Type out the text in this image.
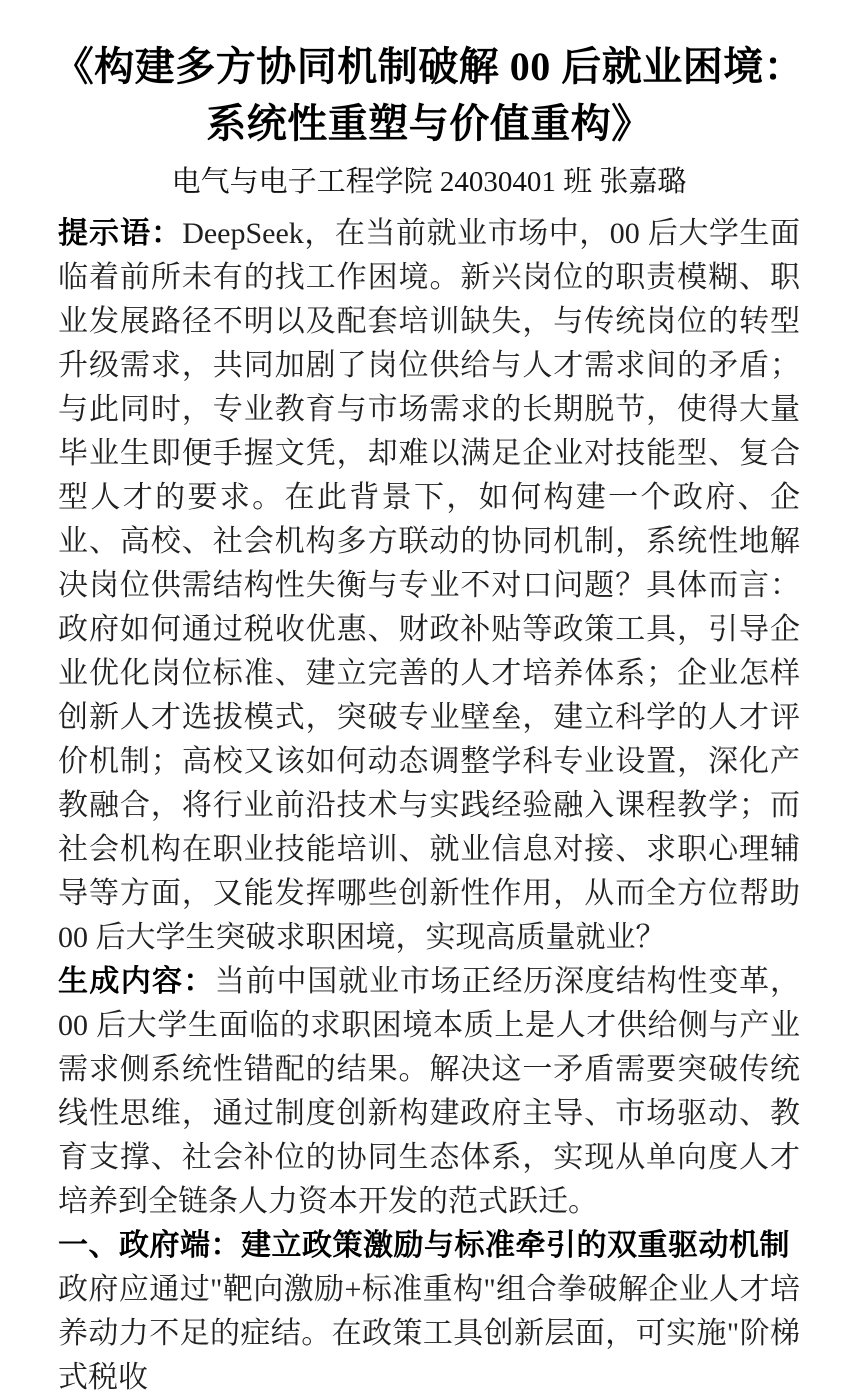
《构建多方协同机制破解 00 后就业困境：系统性重塑与价值重构》
电气与电子工程学院 24030401 班 张嘉璐

提示语：DeepSeek，在当前就业市场中，00 后大学生面临着前所未有的找工作困境。新兴岗位的职责模糊、职业发展路径不明以及配套培训缺失，与传统岗位的转型升级需求，共同加剧了岗位供给与人才需求间的矛盾；与此同时，专业教育与市场需求的长期脱节，使得大量毕业生即便手握文凭，却难以满足企业对技能型、复合型人才的要求。在此背景下，如何构建一个政府、企业、高校、社会机构多方联动的协同机制，系统性地解决岗位供需结构性失衡与专业不对口问题？具体而言：政府如何通过税收优惠、财政补贴等政策工具，引导企业优化岗位标准、建立完善的人才培养体系；企业怎样创新人才选拔模式，突破专业壁垒，建立科学的人才评价机制；高校又该如何动态调整学科专业设置，深化产教融合，将行业前沿技术与实践经验融入课程教学；而社会机构在职业技能培训、就业信息对接、求职心理辅导等方面，又能发挥哪些创新性作用，从而全方位帮助 00 后大学生突破求职困境，实现高质量就业？

生成内容：当前中国就业市场正经历深度结构性变革，00 后大学生面临的求职困境本质上是人才供给侧与产业需求侧系统性错配的结果。解决这一矛盾需要突破传统线性思维，通过制度创新构建政府主导、市场驱动、教育支撑、社会补位的协同生态体系，实现从单向度人才培养到全链条人力资本开发的范式跃迁。

一、政府端：建立政策激励与标准牵引的双重驱动机制

政府应通过"靶向激励+标准重构"组合拳破解企业人才培养动力不足的症结。在政策工具创新层面，可实施"阶梯式税收
